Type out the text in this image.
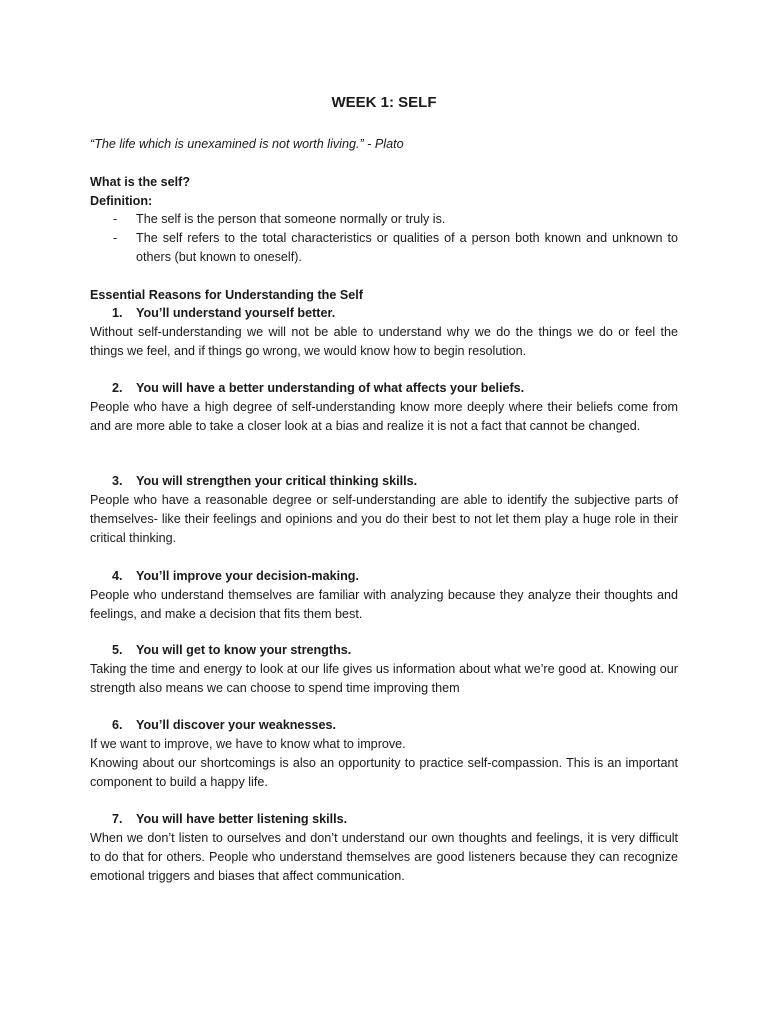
WEEK 1: SELF
“The life which is unexamined is not worth living.” - Plato
What is the self?
Definition:
- The self is the person that someone normally or truly is.
- The self refers to the total characteristics or qualities of a person both known and unknown to others (but known to oneself).
Essential Reasons for Understanding the Self
1. You’ll understand yourself better.

Without self-understanding we will not be able to understand why we do the things we do or feel the things we feel, and if things go wrong, we would know how to begin resolution.

2. You will have a better understanding of what affects your beliefs.

People who have a high degree of self-understanding know more deeply where their beliefs come from and are more able to take a closer look at a bias and realize it is not a fact that cannot be changed.

3. You will strengthen your critical thinking skills.

People who have a reasonable degree or self-understanding are able to identify the subjective parts of themselves- like their feelings and opinions and you do their best to not let them play a huge role in their critical thinking.

4. You’ll improve your decision-making.

People who understand themselves are familiar with analyzing because they analyze their thoughts and feelings, and make a decision that fits them best.

5. You will get to know your strengths.

Taking the time and energy to look at our life gives us information about what we’re good at. Knowing our strength also means we can choose to spend time improving them

6. You’ll discover your weaknesses.

If we want to improve, we have to know what to improve.

Knowing about our shortcomings is also an opportunity to practice self-compassion. This is an important component to build a happy life.

7. You will have better listening skills.

When we don’t listen to ourselves and don’t understand our own thoughts and feelings, it is very difficult to do that for others. People who understand themselves are good listeners because they can recognize emotional triggers and biases that affect communication.
